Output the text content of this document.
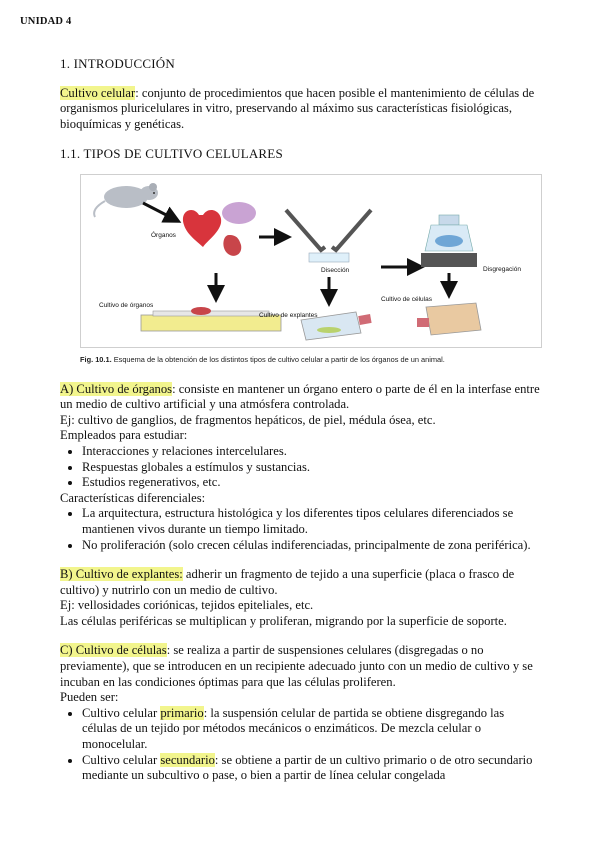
UNIDAD 4
1. INTRODUCCIÓN

Cultivo celular: conjunto de procedimientos que hacen posible el mantenimiento de células de organismos pluricelulares in vitro, preservando al máximo sus características fisiológicas, bioquímicas y genéticas.

1.1. TIPOS DE CULTIVO CELULARES
Órganos
Cultivo de órganos
Disección
Cultivo de explantes
Disgregación
Cultivo de células
Fig. 10.1. Esquema de la obtención de los distintos tipos de cultivo celular a partir de los órganos de un animal.

A) Cultivo de órganos: consiste en mantener un órgano entero o parte de él en la interfase entre un medio de cultivo artificial y una atmósfera controlada.

Ej: cultivo de ganglios, de fragmentos hepáticos, de piel, médula ósea, etc.

Empleados para estudiar:

• Interacciones y relaciones intercelulares.
• Respuestas globales a estímulos y sustancias.
• Estudios regenerativos, etc.

Características diferenciales:

• La arquitectura, estructura histológica y los diferentes tipos celulares diferenciados se mantienen vivos durante un tiempo limitado.
• No proliferación (solo crecen células indiferenciadas, principalmente de zona periférica).

B) Cultivo de explantes: adherir un fragmento de tejido a una superficie (placa o frasco de cultivo) y nutrirlo con un medio de cultivo.

Ej: vellosidades coriónicas, tejidos epiteliales, etc.

Las células periféricas se multiplican y proliferan, migrando por la superficie de soporte.

C) Cultivo de células: se realiza a partir de suspensiones celulares (disgregadas o no previamente), que se introducen en un recipiente adecuado junto con un medio de cultivo y se incuban en las condiciones óptimas para que las células proliferen.

Pueden ser:

• Cultivo celular primario: la suspensión celular de partida se obtiene disgregando las células de un tejido por métodos mecánicos o enzimáticos. De mezcla celular o monocelular.
• Cultivo celular secundario: se obtiene a partir de un cultivo primario o de otro secundario mediante un subcultivo o pase, o bien a partir de línea celular congelada
